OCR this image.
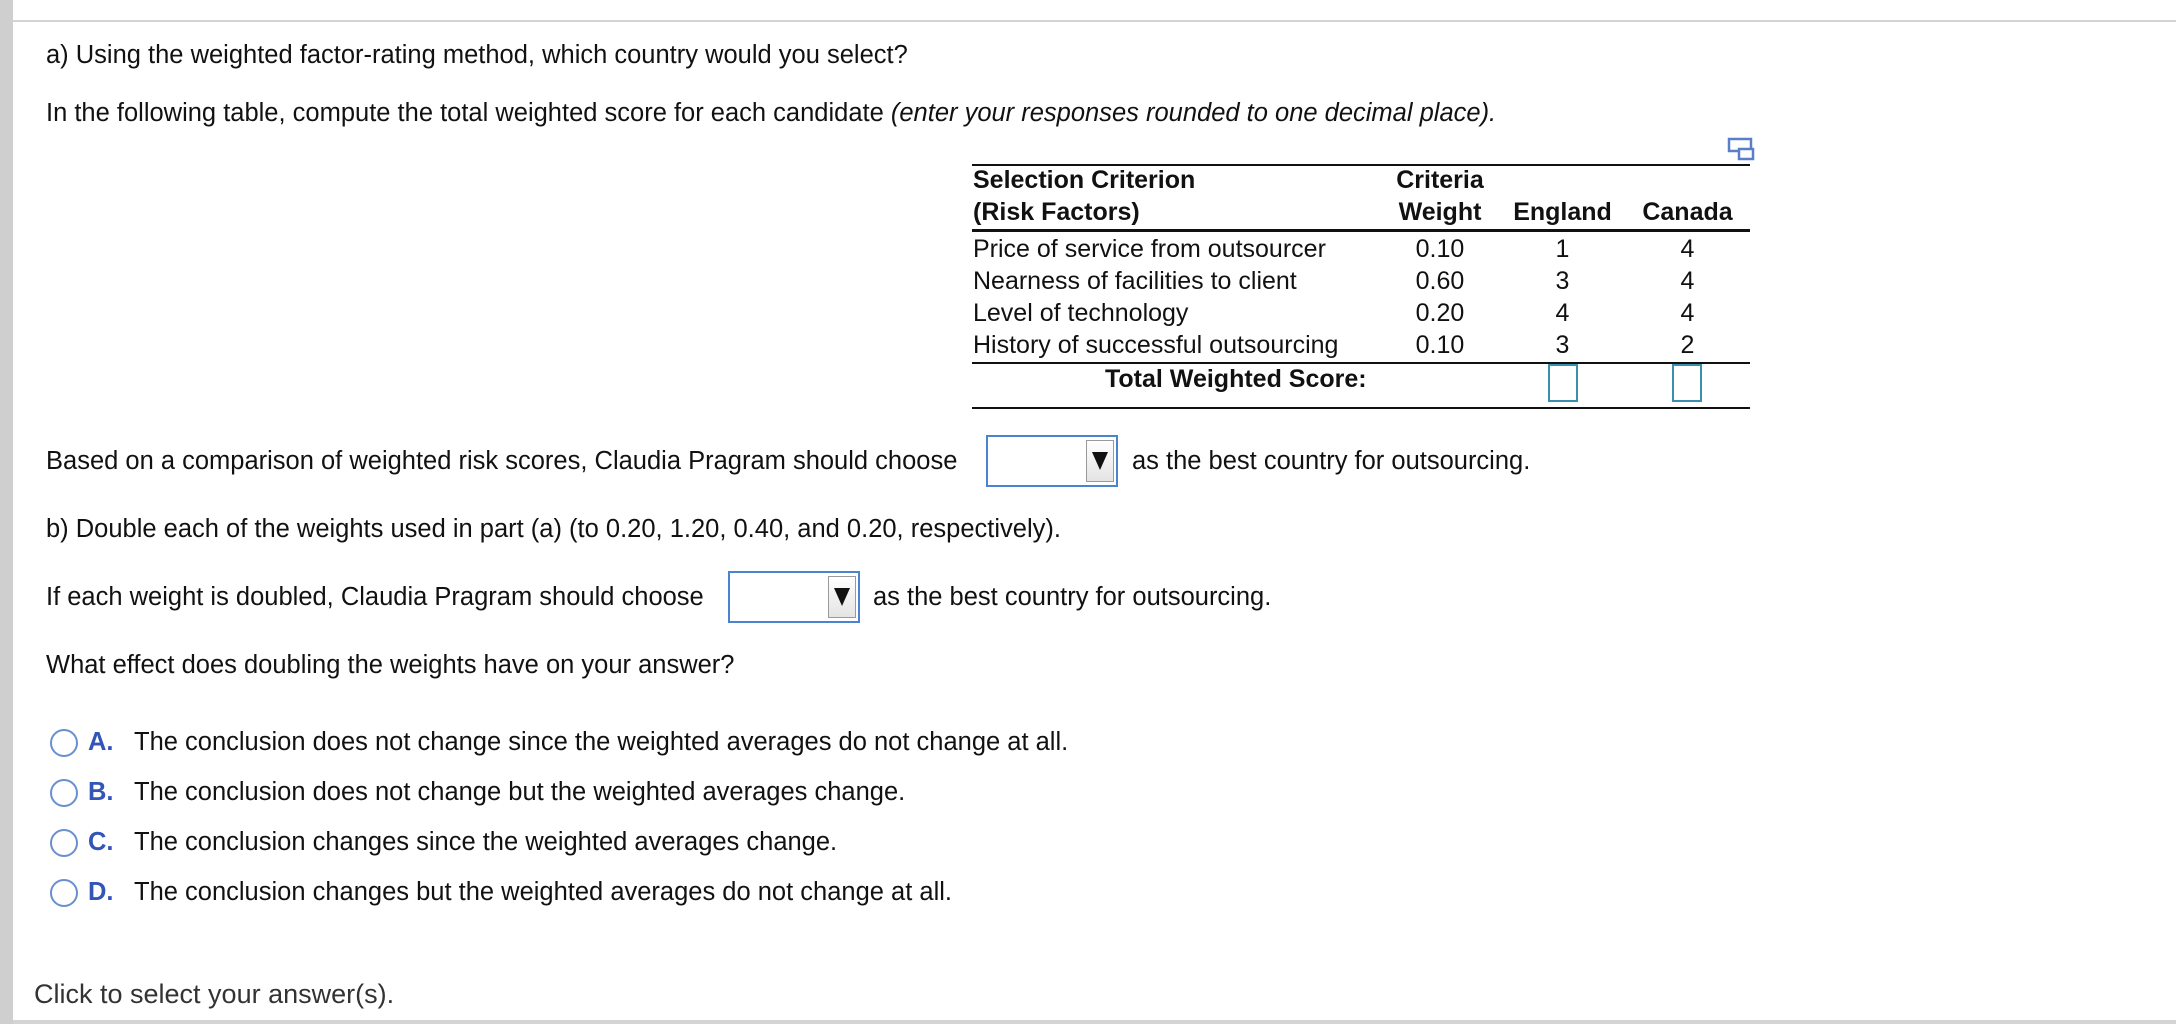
a) Using the weighted factor-rating method, which country would you select?
In the following table, compute the total weighted score for each candidate (enter your responses rounded to one decimal place).
Selection Criterion
(Risk Factors)
Criteria
Weight	England	Canada
Price of service from outsourcer	0.10	1	4
Nearness of facilities to client	0.60	3	4
Level of technology	0.20	4	4
History of successful outsourcing	0.10	3	2
Total Weighted Score:
Based on a comparison of weighted risk scores, Claudia Pragram should choose	as the best country for outsourcing.
b) Double each of the weights used in part (a) (to 0.20, 1.20, 0.40, and 0.20, respectively).
If each weight is doubled, Claudia Pragram should choose	as the best country for outsourcing.
What effect does doubling the weights have on your answer?
A. The conclusion does not change since the weighted averages do not change at all.
B. The conclusion does not change but the weighted averages change.
C. The conclusion changes since the weighted averages change.
D. The conclusion changes but the weighted averages do not change at all.
Click to select your answer(s).
